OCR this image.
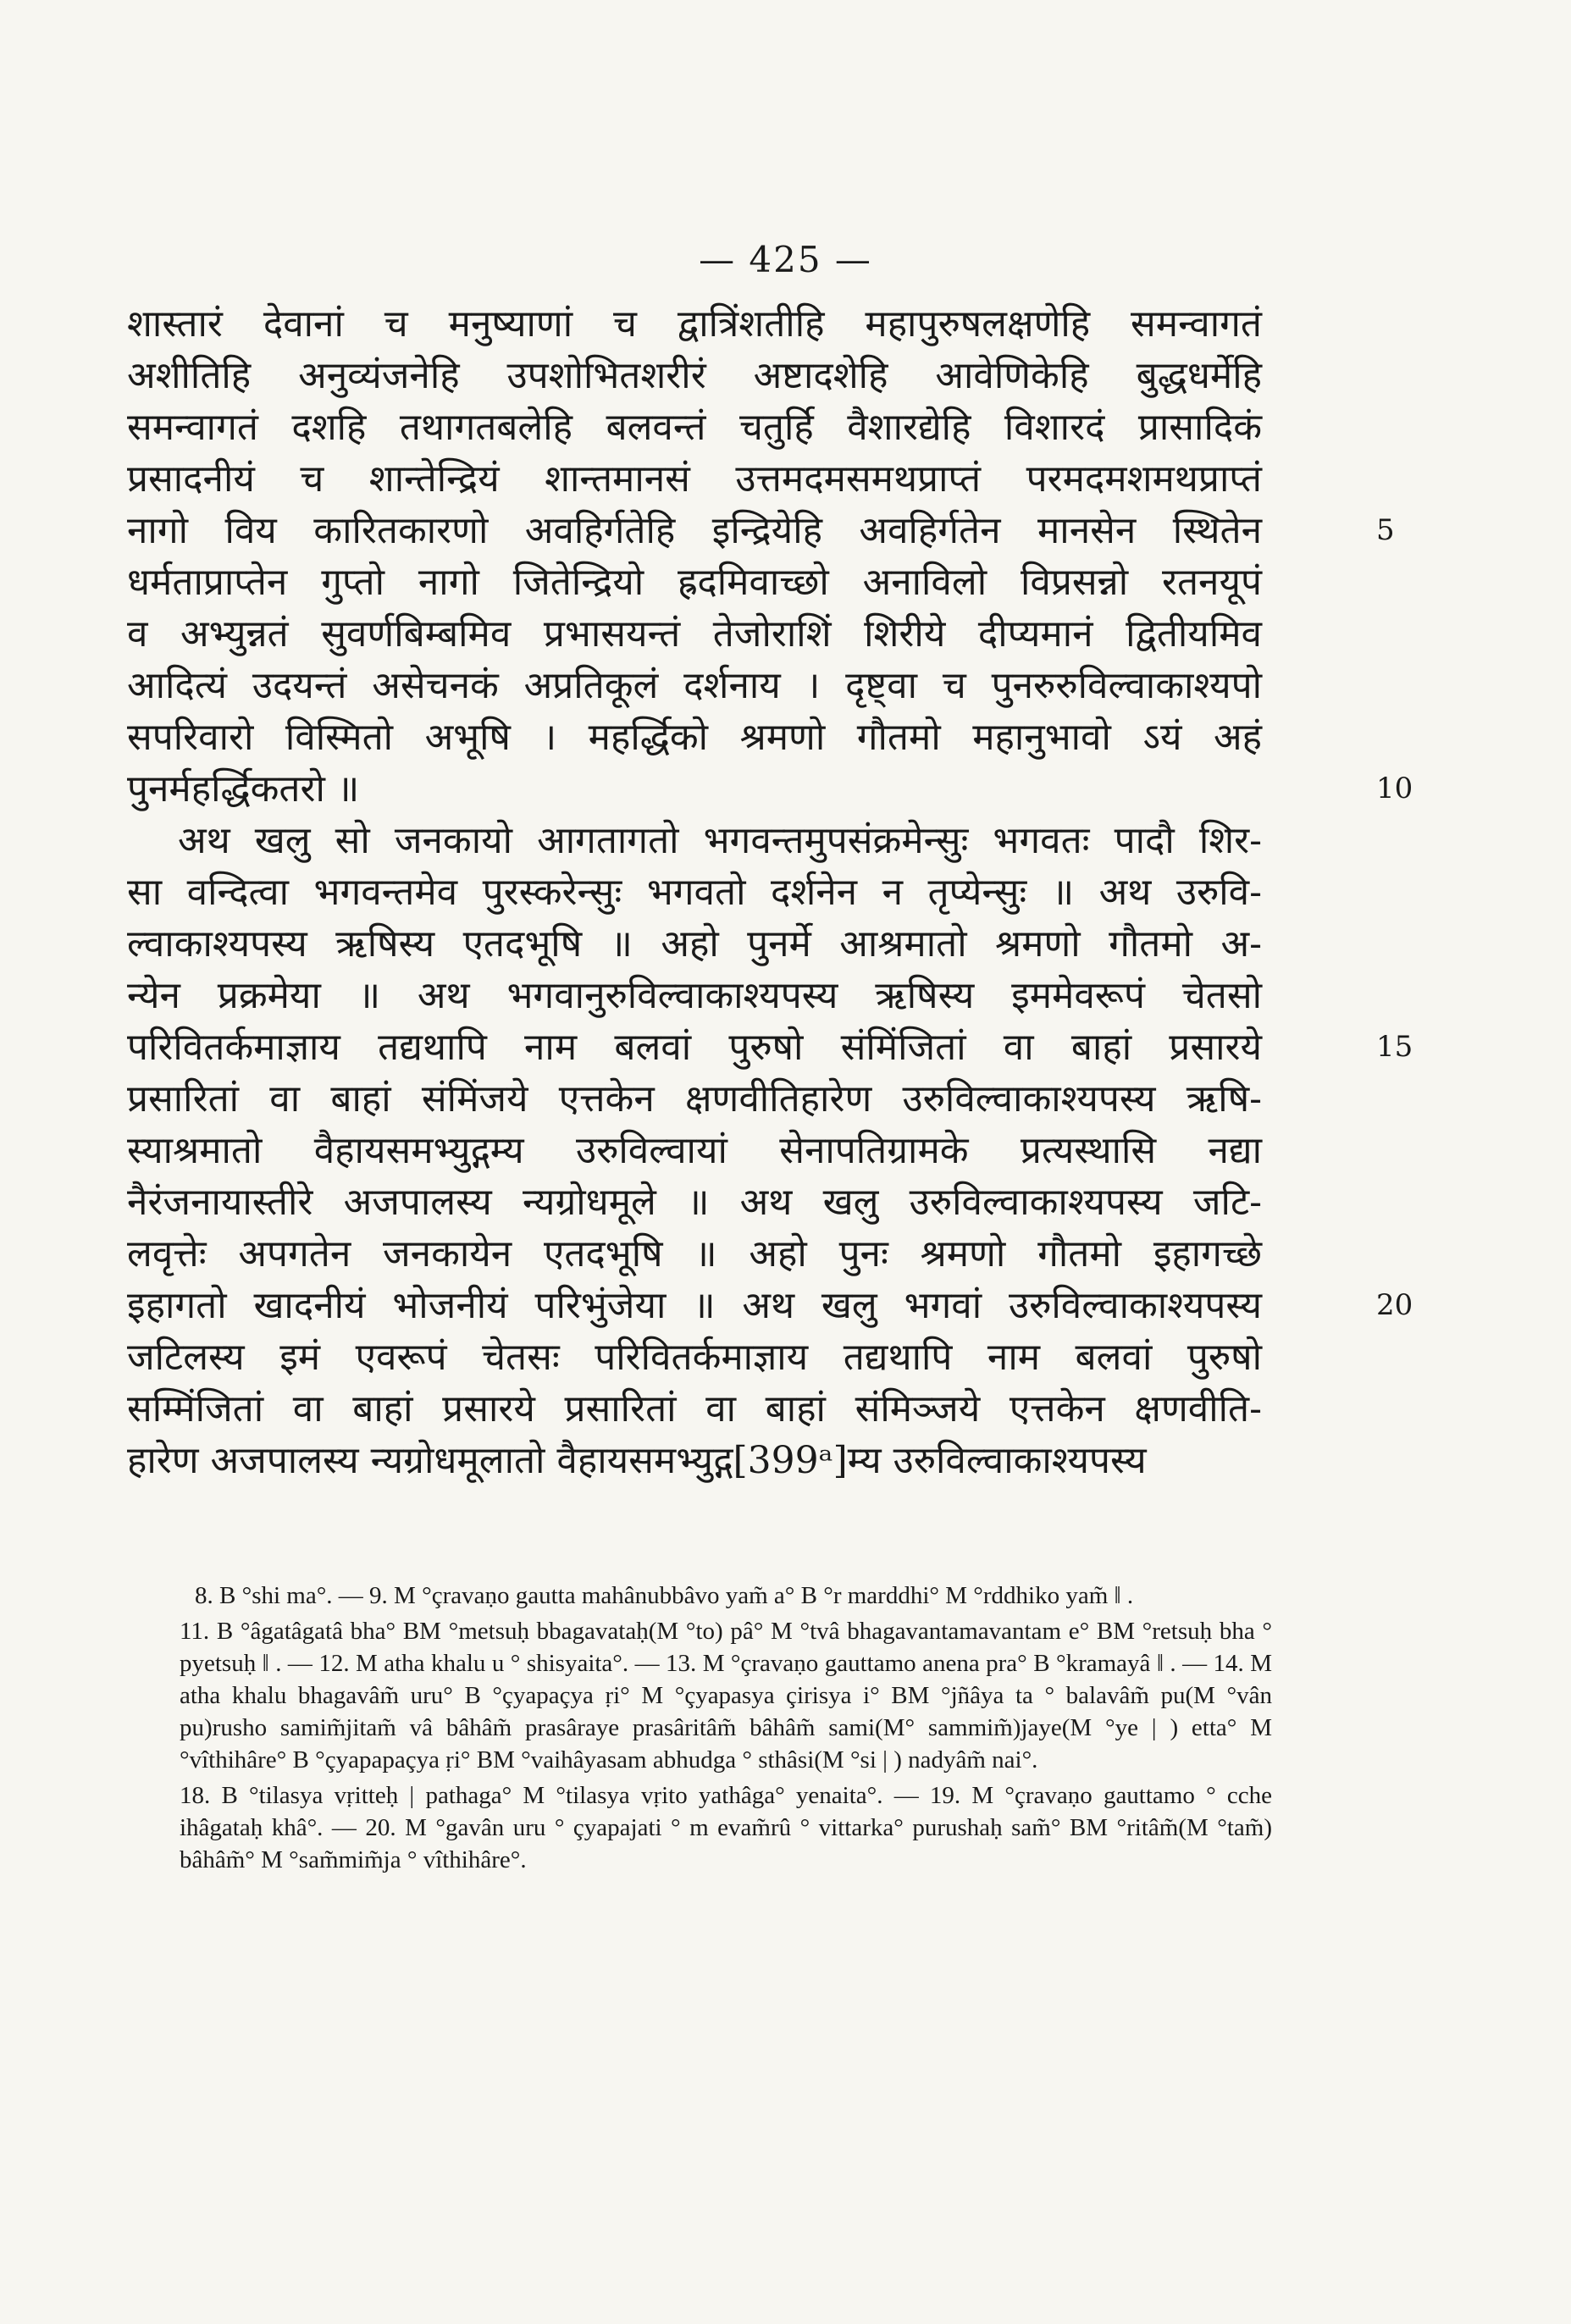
— 425 —
शास्तारं देवानां च मनुष्याणां च द्वात्रिंशतीहि महापुरुषलक्षणेहि समन्वागतं
अशीतिहि अनुव्यंजनेहि उपशोभितशरीरं अष्टादशेहि आवेणिकेहि बुद्धधर्मेहि
समन्वागतं दशहि तथागतबलेहि बलवन्तं चतुर्हि वैशारद्येहि विशारदं प्रासादिकं
प्रसादनीयं च शान्तेन्द्रियं शान्तमानसं उत्तमदमसमथप्राप्तं परमदमशमथप्राप्तं
नागो विय कारितकारणो अवहिर्गतेहि इन्द्रियेहि अवहिर्गतेन मानसेन स्थितेन	5
धर्मताप्राप्तेन गुप्तो नागो जितेन्द्रियो ह्रदमिवाच्छो अनाविलो विप्रसन्नो रतनयूपं
व अभ्युन्नतं सुवर्णबिम्बमिव प्रभासयन्तं तेजोराशिं शिरीये दीप्यमानं द्वितीयमिव
आदित्यं उदयन्तं असेचनकं अप्रतिकूलं दर्शनाय । दृष्ट्वा च पुनरुरुविल्वाकाश्यपो
सपरिवारो विस्मितो अभूषि । महर्द्धिको श्रमणो गौतमो महानुभावो ऽयं अहं
पुनर्महर्द्धिकतरो ॥	10
अथ खलु सो जनकायो आगतागतो भगवन्तमुपसंक्रमेन्सुः भगवतः पादौ शिर-
सा वन्दित्वा भगवन्तमेव पुरस्करेन्सुः भगवतो दर्शनेन न तृप्येन्सुः ॥ अथ उरुवि-
ल्वाकाश्यपस्य ऋषिस्य एतदभूषि ॥ अहो पुनर्मे आश्रमातो श्रमणो गौतमो अ-
न्येन प्रक्रमेया ॥ अथ भगवानुरुविल्वाकाश्यपस्य ऋषिस्य इममेवरूपं चेतसो
परिवितर्कमाज्ञाय तद्यथापि नाम बलवां पुरुषो संमिंजितां वा बाहां प्रसारये	15
प्रसारितां वा बाहां संमिंजये एत्तकेन क्षणवीतिहारेण उरुविल्वाकाश्यपस्य ऋषि-
स्याश्रमातो वैहायसमभ्युद्गम्य उरुविल्वायां सेनापतिग्रामके प्रत्यस्थासि नद्या
नैरंजनायास्तीरे अजपालस्य न्यग्रोधमूले ॥ अथ खलु उरुविल्वाकाश्यपस्य जटि-
लवृत्तेः अपगतेन जनकायेन एतदभूषि ॥ अहो पुनः श्रमणो गौतमो इहागच्छे
इहागतो खादनीयं भोजनीयं परिभुंजेया ॥ अथ खलु भगवां उरुविल्वाकाश्यपस्य	20
जटिलस्य इमं एवरूपं चेतसः परिवितर्कमाज्ञाय तद्यथापि नाम बलवां पुरुषो
सम्मिंजितां वा बाहां प्रसारये प्रसारितां वा बाहां संमिञ्जये एत्तकेन क्षणवीति-
हारेण अजपालस्य न्यग्रोधमूलातो वैहायसमभ्युद्ग[399ᵃ]म्य उरुविल्वाकाश्यपस्य

8. B °shi ma°. — 9. M °çravaṇo gautta mahânubbâvo yam̃ a° B °r marddhi° M °rddhiko yam̃ ‖ .

11. B °âgatâgatâ bha° BM °metsuḥ bbagavataḥ(M °to) pâ° M °tvâ bhagavantamavantam e° BM °retsuḥ bha ° pyetsuḥ ‖ . — 12. M atha khalu u ° shisyaita°. — 13. M °çravaṇo gauttamo anena pra° B °kramayâ ‖ . — 14. M atha khalu bhagavâm̃ uru° B °çyapaçya ṛi° M °çyapasya çirisya i° BM °jñâya ta ° balavâm̃ pu(M °vân pu)rusho samim̃jitam̃ vâ bâhâm̃ prasâraye prasâritâm̃ bâhâm̃ sami(M° sammim̃)jaye(M °ye | ) etta° M °vîthihâre° B °çyapapaçya ṛi° BM °vaihâyasam abhudga ° sthâsi(M °si | ) nadyâm̃ nai°.

18. B °tilasya vṛitteḥ | pathaga° M °tilasya vṛito yathâga° yenaita°. — 19. M °çravaṇo gauttamo ° cche ihâgataḥ khâ°. — 20. M °gavân uru ° çyapajati ° m evam̃rû ° vittarka° purushaḥ sam̃° BM °ritâm̃(M °tam̃) bâhâm̃° M °sam̃mim̃ja ° vîthihâre°.
